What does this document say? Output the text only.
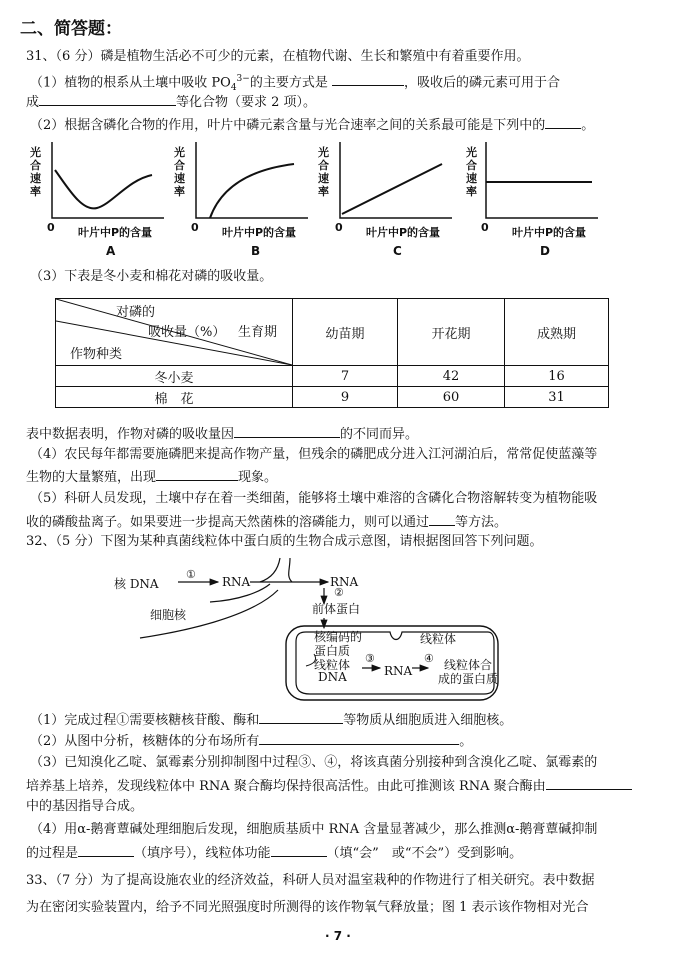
二、简答题：
31、（6 分）磷是植物生活必不可少的元素，在植物代谢、生长和繁殖中有着重要作用。
（1）植物的根系从土壤中吸收 $PO_4^{3-}$的主要方式是	，吸收后的磷元素可用于合
成	等化合物（要求 2 项）。
（2）根据含磷化合物的作用，叶片中磷元素含量与光合速率之间的关系最可能是下列中的	。
光
合
速
率
0 叶片中P的含量
A
光
合
速
率
0 叶片中P的含量
B
光
合
速
率
0 叶片中P的含量
C
光
合
速
率
0 叶片中P的含量
D
（3）下表是冬小麦和棉花对磷的吸收量。
对磷的
吸收量（%） 生育期
作物种类	幼苗期	开花期	成熟期
冬小麦	7	42	16
棉　花	9	60	31
表中数据表明，作物对磷的吸收量因	的不同而异。
（4）农民每年都需要施磷肥来提高作物产量，但残余的磷肥成分进入江河湖泊后，常常促使蓝藻等
生物的大量繁殖，出现	现象。
（5）科研人员发现，土壤中存在着一类细菌，能够将土壤中难溶的含磷化合物溶解转变为植物能吸
收的磷酸盐离子。如果要进一步提高天然菌株的溶磷能力，则可以通过 等方法。
32、（5 分）下图为某种真菌线粒体中蛋白质的生物合成示意图，请根据图回答下列问题。
核 DNA
①
RNA	RNA
②
前体蛋白
细胞核
核编码的
蛋白质
线粒体
线粒体
DNA
③
RNA
④ 线粒体合
成的蛋白质
（1）完成过程①需要核糖核苷酸、酶和	等物质从细胞质进入细胞核。
（2）从图中分析，核糖体的分布场所有	。
（3）已知溴化乙啶、氯霉素分别抑制图中过程③、④，将该真菌分别接种到含溴化乙啶、氯霉素的
培养基上培养，发现线粒体中 RNA 聚合酶均保持很高活性。由此可推测该 RNA 聚合酶由
中的基因指导合成。
（4）用α-鹅膏蕈碱处理细胞后发现，细胞质基质中 RNA 含量显著减少，那么推测α-鹅膏蕈碱抑制
的过程是	（填序号），线粒体功能	（填“会”　或“不会”）受到影响。
33、（7 分）为了提高设施农业的经济效益，科研人员对温室栽种的作物进行了相关研究。表中数据
为在密闭实验装置内，给予不同光照强度时所测得的该作物氧气释放量；图 1 表示该作物相对光合
· 7 ·
